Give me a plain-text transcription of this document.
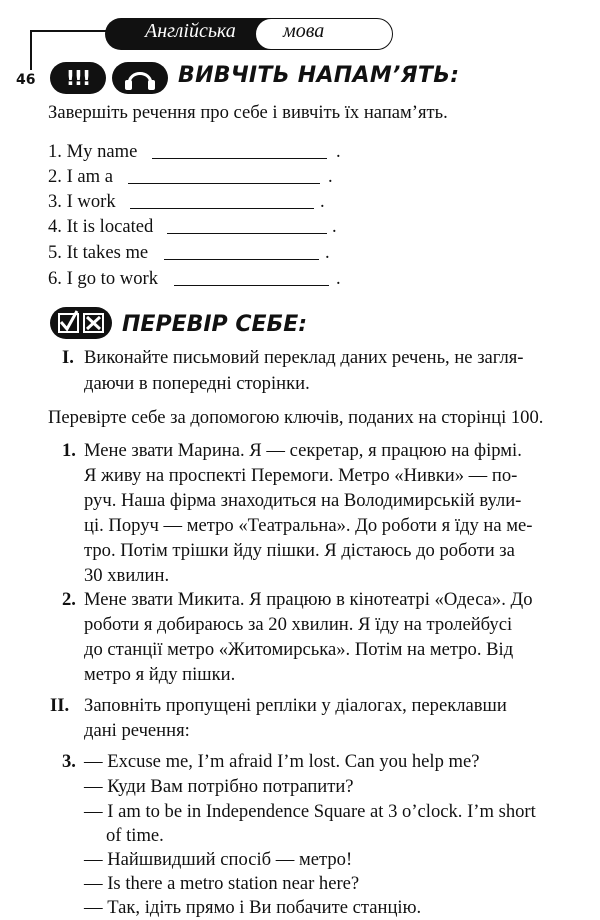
Англійська мова
46	!!!	ВИВЧІТЬ НАПАМ’ЯТЬ:
Завершіть речення про себе і вивчіть їх напам’ять.
1. My name	.
2. I am a	.
3. I work	.
4. It is located	.
5. It takes me	.
6. I go to work	.
ПЕРЕВІР СЕБЕ:
I. Виконайте письмовий переклад даних речень, не загля-
даючи в попередні сторінки.
Перевірте себе за допомогою ключів, поданих на сторінці 100.
1. Мене звати Марина. Я — секретар, я працюю на фірмі.
Я живу на проспекті Перемоги. Метро «Нивки» — по-
руч. Наша фірма знаходиться на Володимирській вули-
ці. Поруч — метро «Театральна». До роботи я їду на ме-
тро. Потім трішки йду пішки. Я дістаюсь до роботи за
30 хвилин.
2. Мене звати Микита. Я працюю в кінотеатрі «Одеса». До
роботи я добираюсь за 20 хвилин. Я їду на тролейбусі
до станції метро «Житомирська». Потім на метро. Від
метро я йду пішки.
II. Заповніть пропущені репліки у діалогах, переклавши
дані речення:
3. — Excuse me, I’m afraid I’m lost. Can you help me?
— Куди Вам потрібно потрапити?
— I am to be in Independence Square at 3 o’clock. I’m short
of time.
— Найшвидший спосіб — метро!
— Is there a metro station near here?
— Так, ідіть прямо і Ви побачите станцію.
